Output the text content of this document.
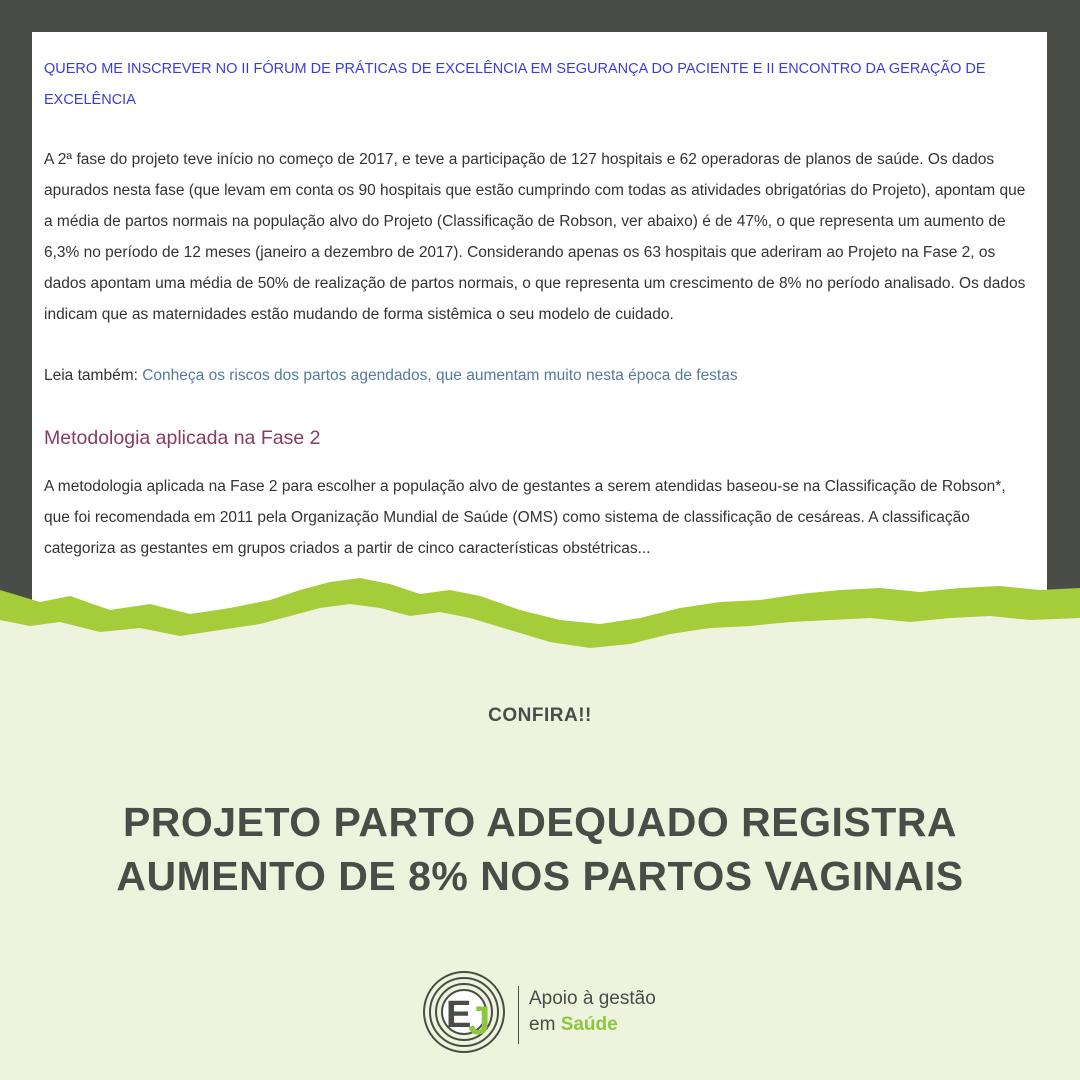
QUERO ME INSCREVER NO II FÓRUM DE PRÁTICAS DE EXCELÊNCIA EM SEGURANÇA DO PACIENTE E II ENCONTRO DA GERAÇÃO DE EXCELÊNCIA

A 2ª fase do projeto teve início no começo de 2017, e teve a participação de 127 hospitais e 62 operadoras de planos de saúde. Os dados apurados nesta fase (que levam em conta os 90 hospitais que estão cumprindo com todas as atividades obrigatórias do Projeto), apontam que a média de partos normais na população alvo do Projeto (Classificação de Robson, ver abaixo) é de 47%, o que representa um aumento de 6,3% no período de 12 meses (janeiro a dezembro de 2017). Considerando apenas os 63 hospitais que aderiram ao Projeto na Fase 2, os dados apontam uma média de 50% de realização de partos normais, o que representa um crescimento de 8% no período analisado. Os dados indicam que as maternidades estão mudando de forma sistêmica o seu modelo de cuidado.

Leia também: Conheça os riscos dos partos agendados, que aumentam muito nesta época de festas

Metodologia aplicada na Fase 2

A metodologia aplicada na Fase 2 para escolher a população alvo de gestantes a serem atendidas baseou-se na Classificação de Robson*, que foi recomendada em 2011 pela Organização Mundial de Saúde (OMS) como sistema de classificação de cesáreas. A classificação categoriza as gestantes em grupos criados a partir de cinco características obstétricas...

CONFIRA!!
PROJETO PARTO ADEQUADO REGISTRA
AUMENTO DE 8% NOS PARTOS VAGINAIS
E
J
Apoio à gestão
em Saúde
